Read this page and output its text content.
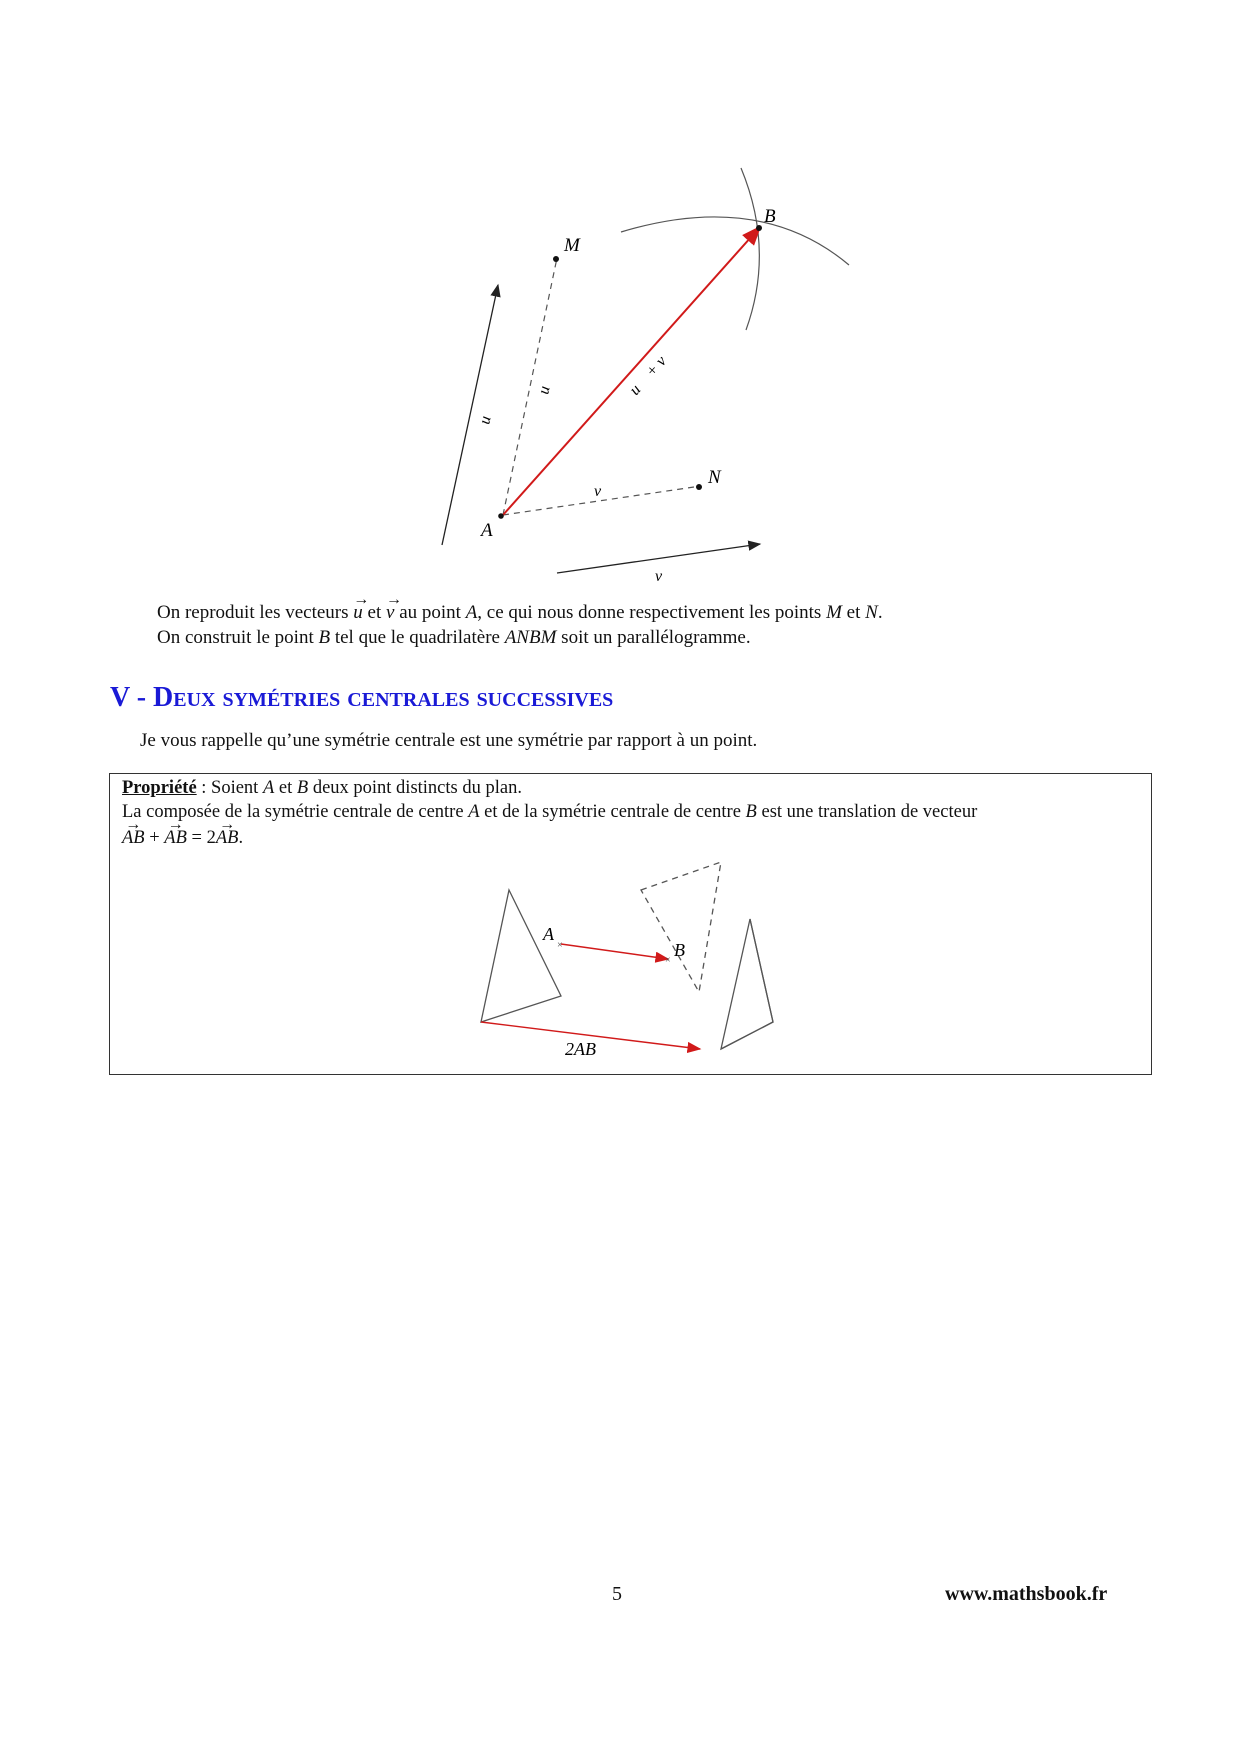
A
B
M
N
u⃗
u⃗
v⃗
v⃗
u⃗ + v⃗
On reproduit les vecteurs → u et → v au point A, ce qui nous donne respectivement les points M et N.
On construit le point B tel que le quadrilatère ANBM soit un parallélogramme.
V - Deux symétries centrales successives
Je vous rappelle qu’une symétrie centrale est une symétrie par rapport à un point.
Propriété : Soient A et B deux point distincts du plan.
La composée de la symétrie centrale de centre A et de la symétrie centrale de centre B est une translation de vecteur
→ AB + → AB = 2→ AB.
×
×
A
B
2AB⃗
5	www.mathsbook.fr
